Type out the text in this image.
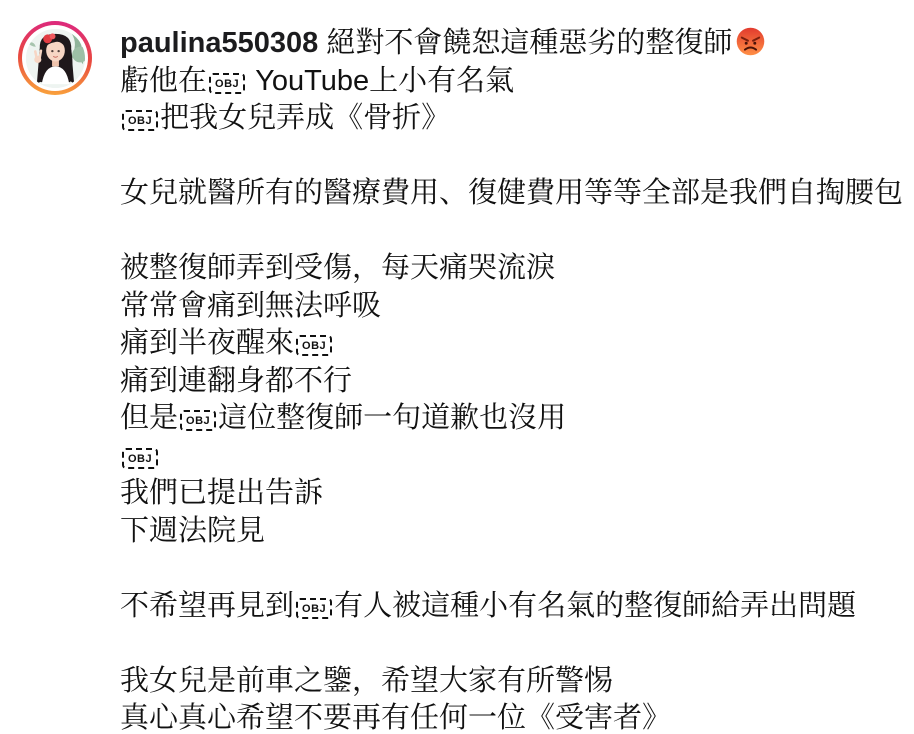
paulina550308 絕對不會饒恕這種惡劣的整復師
虧他在 OBJ YouTube上小有名氣
OBJ 把我女兒弄成《骨折》

女兒就醫所有的醫療費用、復健費用等等全部是我們自掏腰包

被整復師弄到受傷，每天痛哭流淚
常常會痛到無法呼吸
痛到半夜醒來 OBJ
痛到連翻身都不行
但是 OBJ 這位整復師一句道歉也沒用
OBJ
我們已提出告訴
下週法院見

不希望再見到 OBJ 有人被這種小有名氣的整復師給弄出問題

我女兒是前車之鑒，希望大家有所警惕
真心真心希望不要再有任何一位《受害者》
